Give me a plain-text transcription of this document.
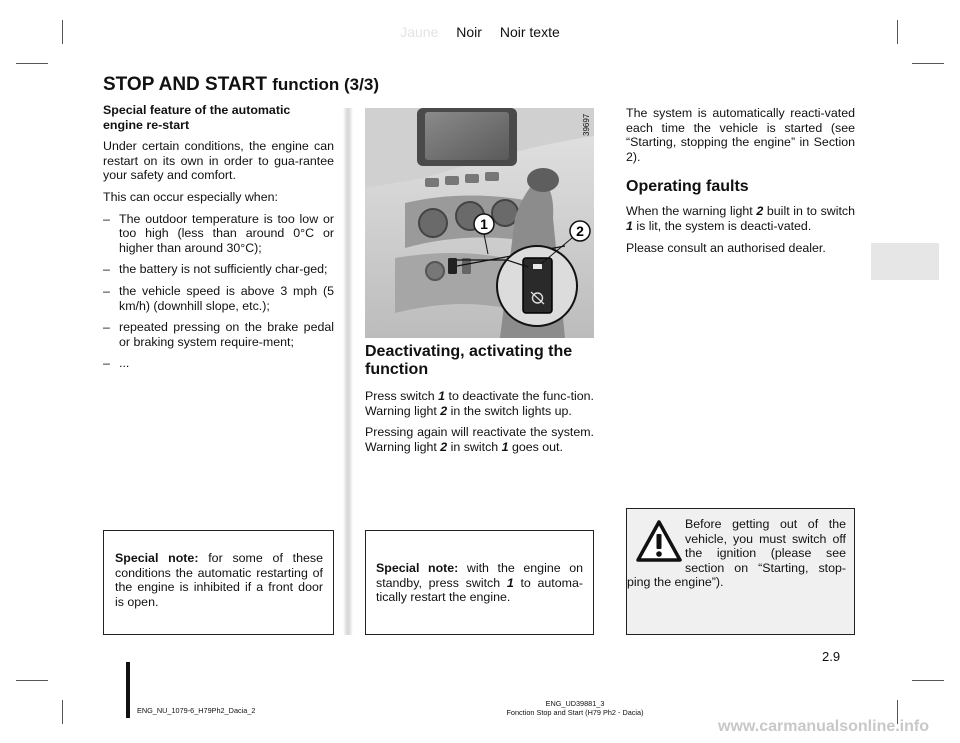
Jaune Noir Noir texte
STOP AND START function (3/3)

Special feature of the automatic
engine re-start

Under certain conditions, the engine can restart on its own in order to gua-rantee your safety and comfort.

This can occur especially when:

– The outdoor temperature is too low or too high (less than around 0°C or higher than around 30°C);
– the battery is not sufficiently char-ged;
– the vehicle speed is above 3 mph (5 km/h) (downhill slope, etc.);
– repeated pressing on the brake pedal or braking system require-ment;
– ...

Special note: for some of these conditions the automatic restarting of the engine is inhibited if a front door is open.

1	2
39697
Deactivating, activating the
function

Press switch 1 to deactivate the func-tion. Warning light 2 in the switch lights up.

Pressing again will reactivate the system. Warning light 2 in switch 1 goes out.

Special note: with the engine on standby, press switch 1 to automa-tically restart the engine.

The system is automatically reacti-vated each time the vehicle is started (see “Starting, stopping the engine” in Section 2).

Operating faults

When the warning light 2 built in to switch 1 is lit, the system is deacti-vated.

Please consult an authorised dealer.

Before getting out of the vehicle, you must switch off the ignition (please see section on “Starting, stop-ping the engine”).
2.9
ENG_NU_1079-6_H79Ph2_Dacia_2
ENG_UD39881_3
Fonction Stop and Start (H79 Ph2 - Dacia)
www.carmanualsonline.info
